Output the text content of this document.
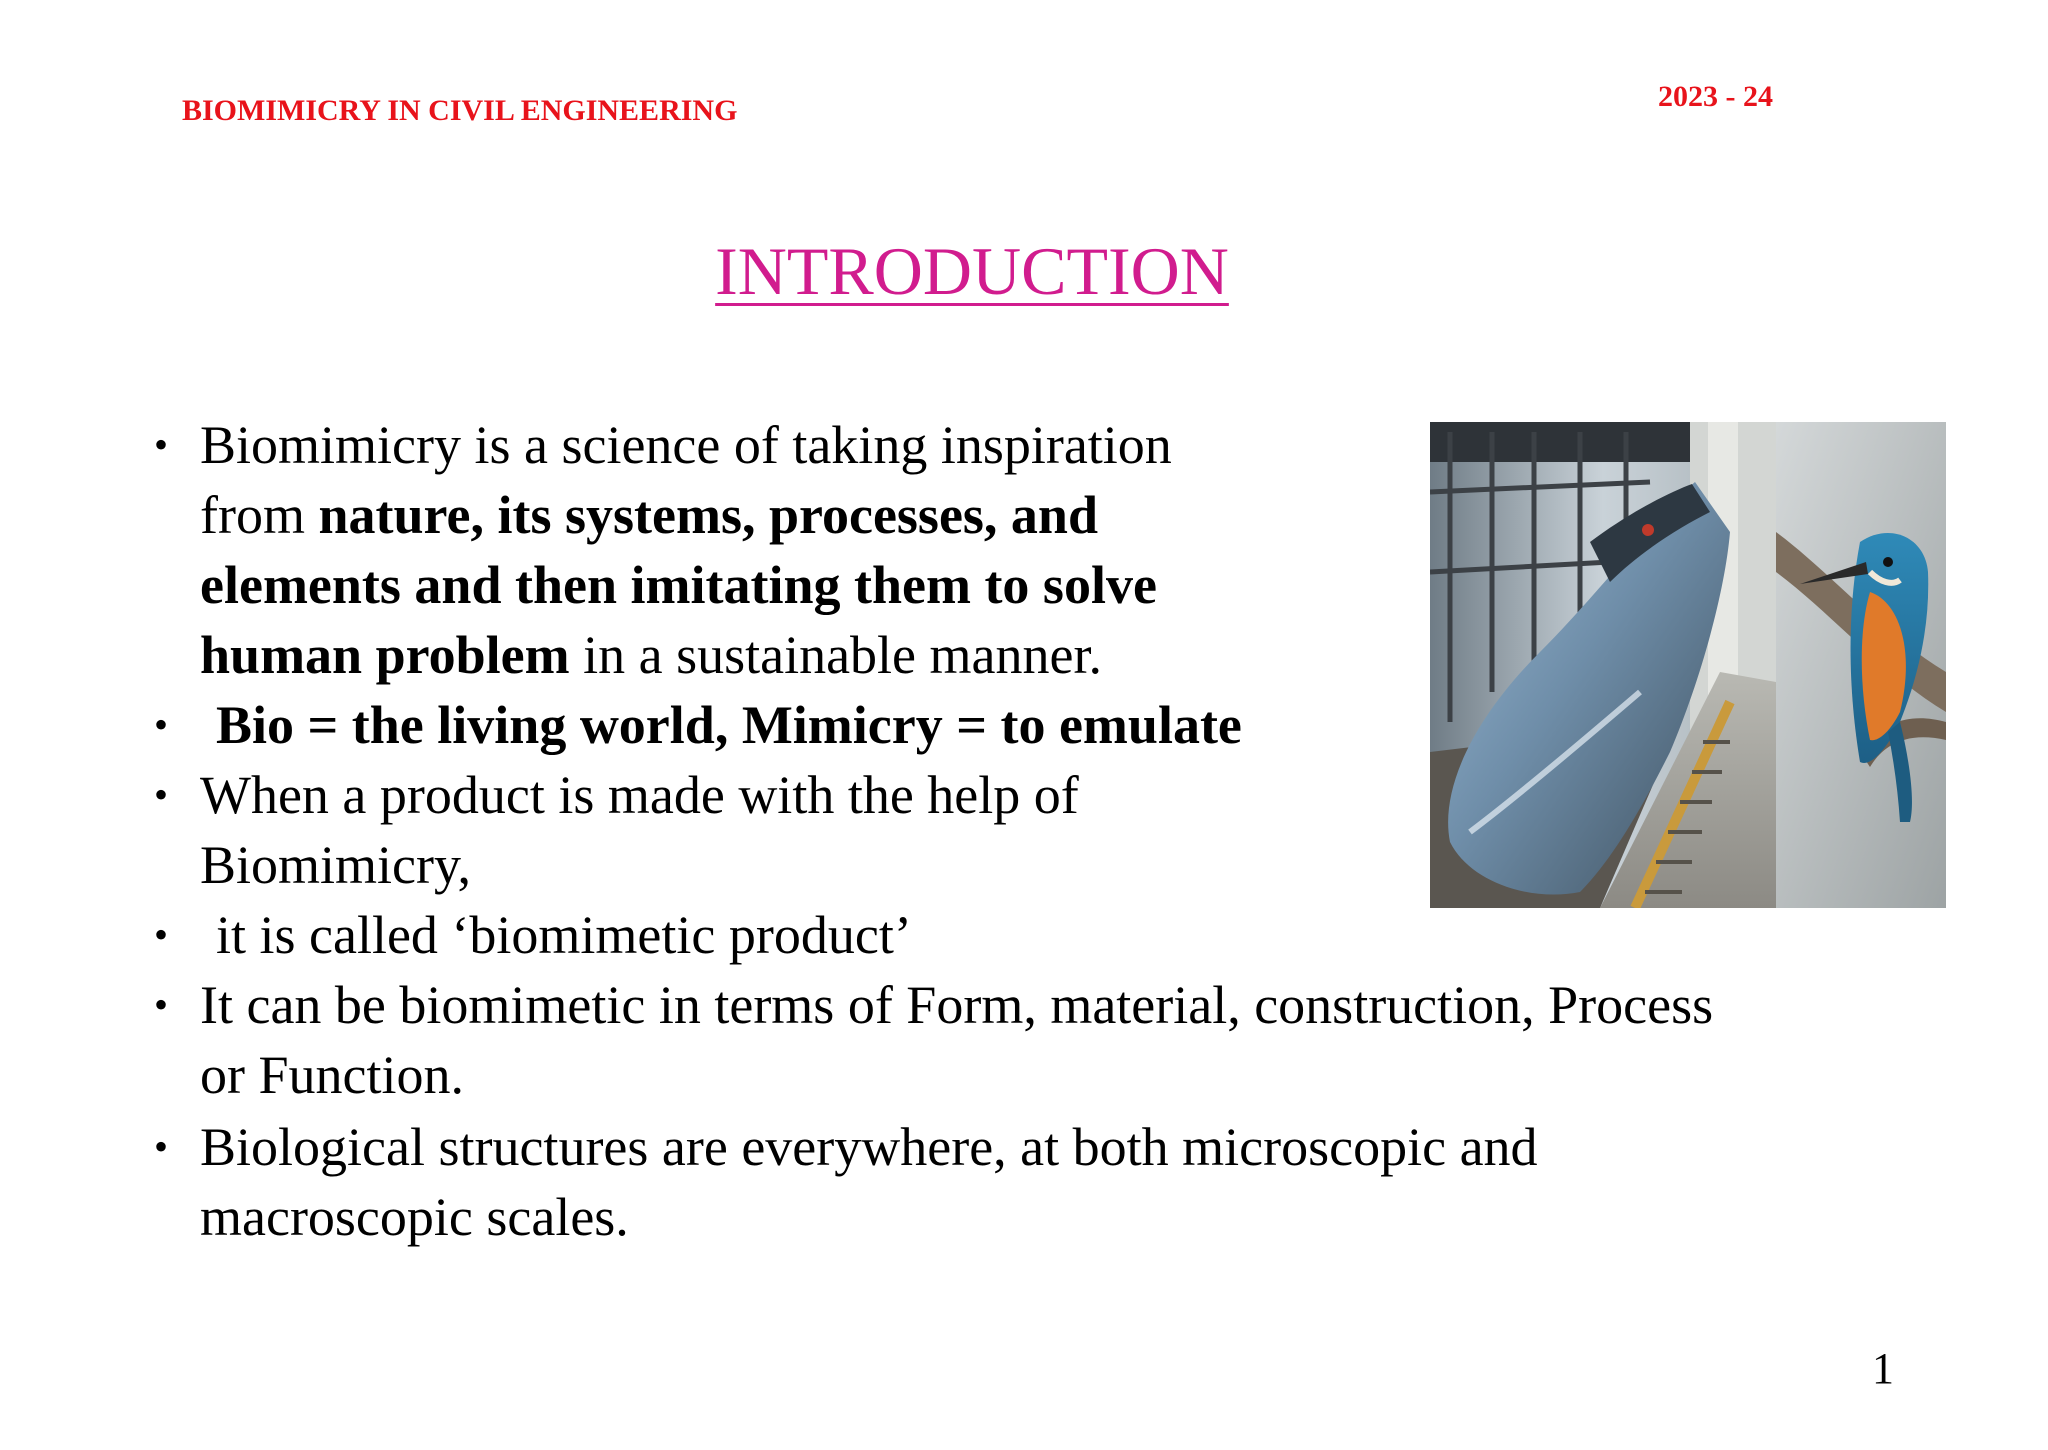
BIOMIMICRY IN CIVIL ENGINEERING	2023 - 24
INTRODUCTION
• Biomimicry is a science of taking inspiration
from nature, its systems, processes, and
elements and then imitating them to solve
human problem in a sustainable manner.
• Bio = the living world, Mimicry = to emulate
• When a product is made with the help of
Biomimicry,
• it is called ‘biomimetic product’
• It can be biomimetic in terms of Form, material, construction, Process
or Function.
• Biological structures are everywhere, at both microscopic and
macroscopic scales.
1
